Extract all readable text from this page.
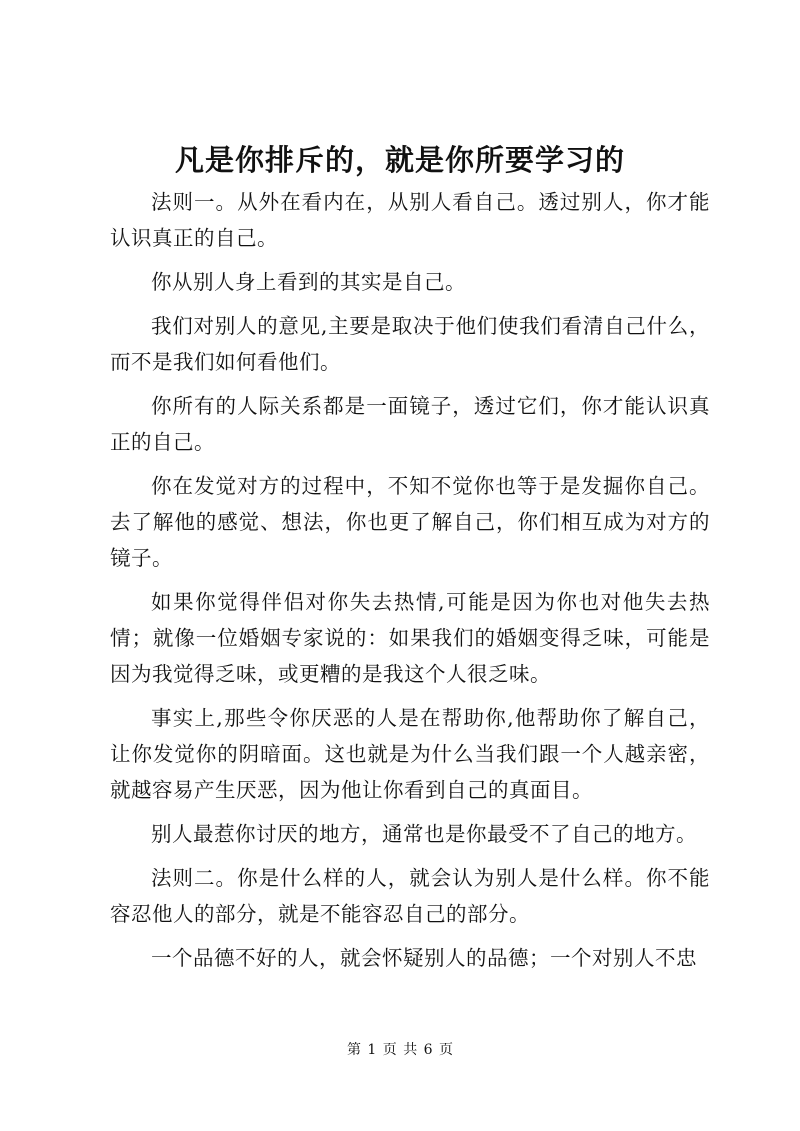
凡是你排斥的，就是你所要学习的

法则一。从外在看内在，从别人看自己。透过别人，你才能认识真正的自己。

你从别人身上看到的其实是自己。

我们对别人的意见,主要是取决于他们使我们看清自己什么，而不是我们如何看他们。

你所有的人际关系都是一面镜子，透过它们，你才能认识真正的自己。

你在发觉对方的过程中，不知不觉你也等于是发掘你自己。去了解他的感觉、想法，你也更了解自己，你们相互成为对方的镜子。

如果你觉得伴侣对你失去热情,可能是因为你也对他失去热情；就像一位婚姻专家说的：如果我们的婚姻变得乏味，可能是因为我觉得乏味，或更糟的是我这个人很乏味。

事实上,那些令你厌恶的人是在帮助你,他帮助你了解自己，让你发觉你的阴暗面。这也就是为什么当我们跟一个人越亲密，就越容易产生厌恶，因为他让你看到自己的真面目。

别人最惹你讨厌的地方，通常也是你最受不了自己的地方。

法则二。你是什么样的人，就会认为别人是什么样。你不能容忍他人的部分，就是不能容忍自己的部分。

一个品德不好的人，就会怀疑别人的品德；一个对别人不忠

第 1 页 共 6 页
